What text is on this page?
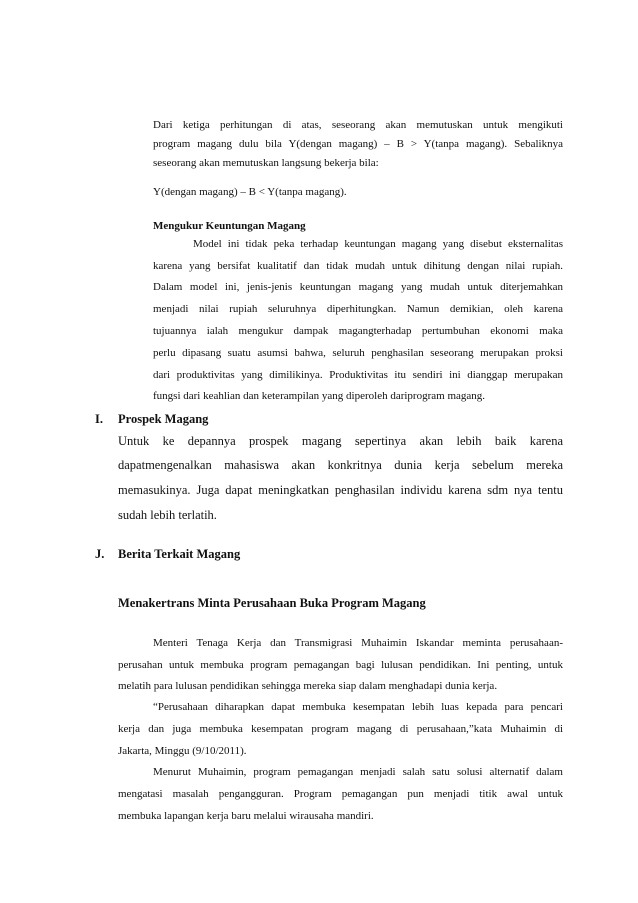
Dari ketiga perhitungan di atas, seseorang akan memutuskan untuk mengikuti
program magang dulu bila Y(dengan magang) – B > Y(tanpa magang). Sebaliknya
seseorang akan memutuskan langsung bekerja bila:
Y(dengan magang) – B < Y(tanpa magang).
Mengukur Keuntungan Magang
Model ini tidak peka terhadap keuntungan magang yang disebut eksternalitas
karena yang bersifat kualitatif dan tidak mudah untuk dihitung dengan nilai rupiah.
Dalam model ini, jenis-jenis keuntungan magang yang mudah untuk diterjemahkan
menjadi nilai rupiah seluruhnya diperhitungkan. Namun demikian, oleh karena
tujuannya ialah mengukur dampak magangterhadap pertumbuhan ekonomi maka
perlu dipasang suatu asumsi bahwa, seluruh penghasilan seseorang merupakan proksi
dari produktivitas yang dimilikinya. Produktivitas itu sendiri ini dianggap merupakan
fungsi dari keahlian dan keterampilan yang diperoleh dariprogram magang.
I. Prospek Magang
Untuk ke depannya prospek magang sepertinya akan lebih baik karena
dapatmengenalkan mahasiswa akan konkritnya dunia kerja sebelum mereka
memasukinya. Juga dapat meningkatkan penghasilan individu karena sdm nya tentu
sudah lebih terlatih.
J. Berita Terkait Magang
Menakertrans Minta Perusahaan Buka Program Magang
Menteri Tenaga Kerja dan Transmigrasi Muhaimin Iskandar meminta perusahaan-
perusahan untuk membuka program pemagangan bagi lulusan pendidikan. Ini penting, untuk
melatih para lulusan pendidikan sehingga mereka siap dalam menghadapi dunia kerja.
“Perusahaan diharapkan dapat membuka kesempatan lebih luas kepada para pencari
kerja dan juga membuka kesempatan program magang di perusahaan,”kata Muhaimin di
Jakarta, Minggu (9/10/2011).
Menurut Muhaimin, program pemagangan menjadi salah satu solusi alternatif dalam
mengatasi masalah pengangguran. Program pemagangan pun menjadi titik awal untuk
membuka lapangan kerja baru melalui wirausaha mandiri.
